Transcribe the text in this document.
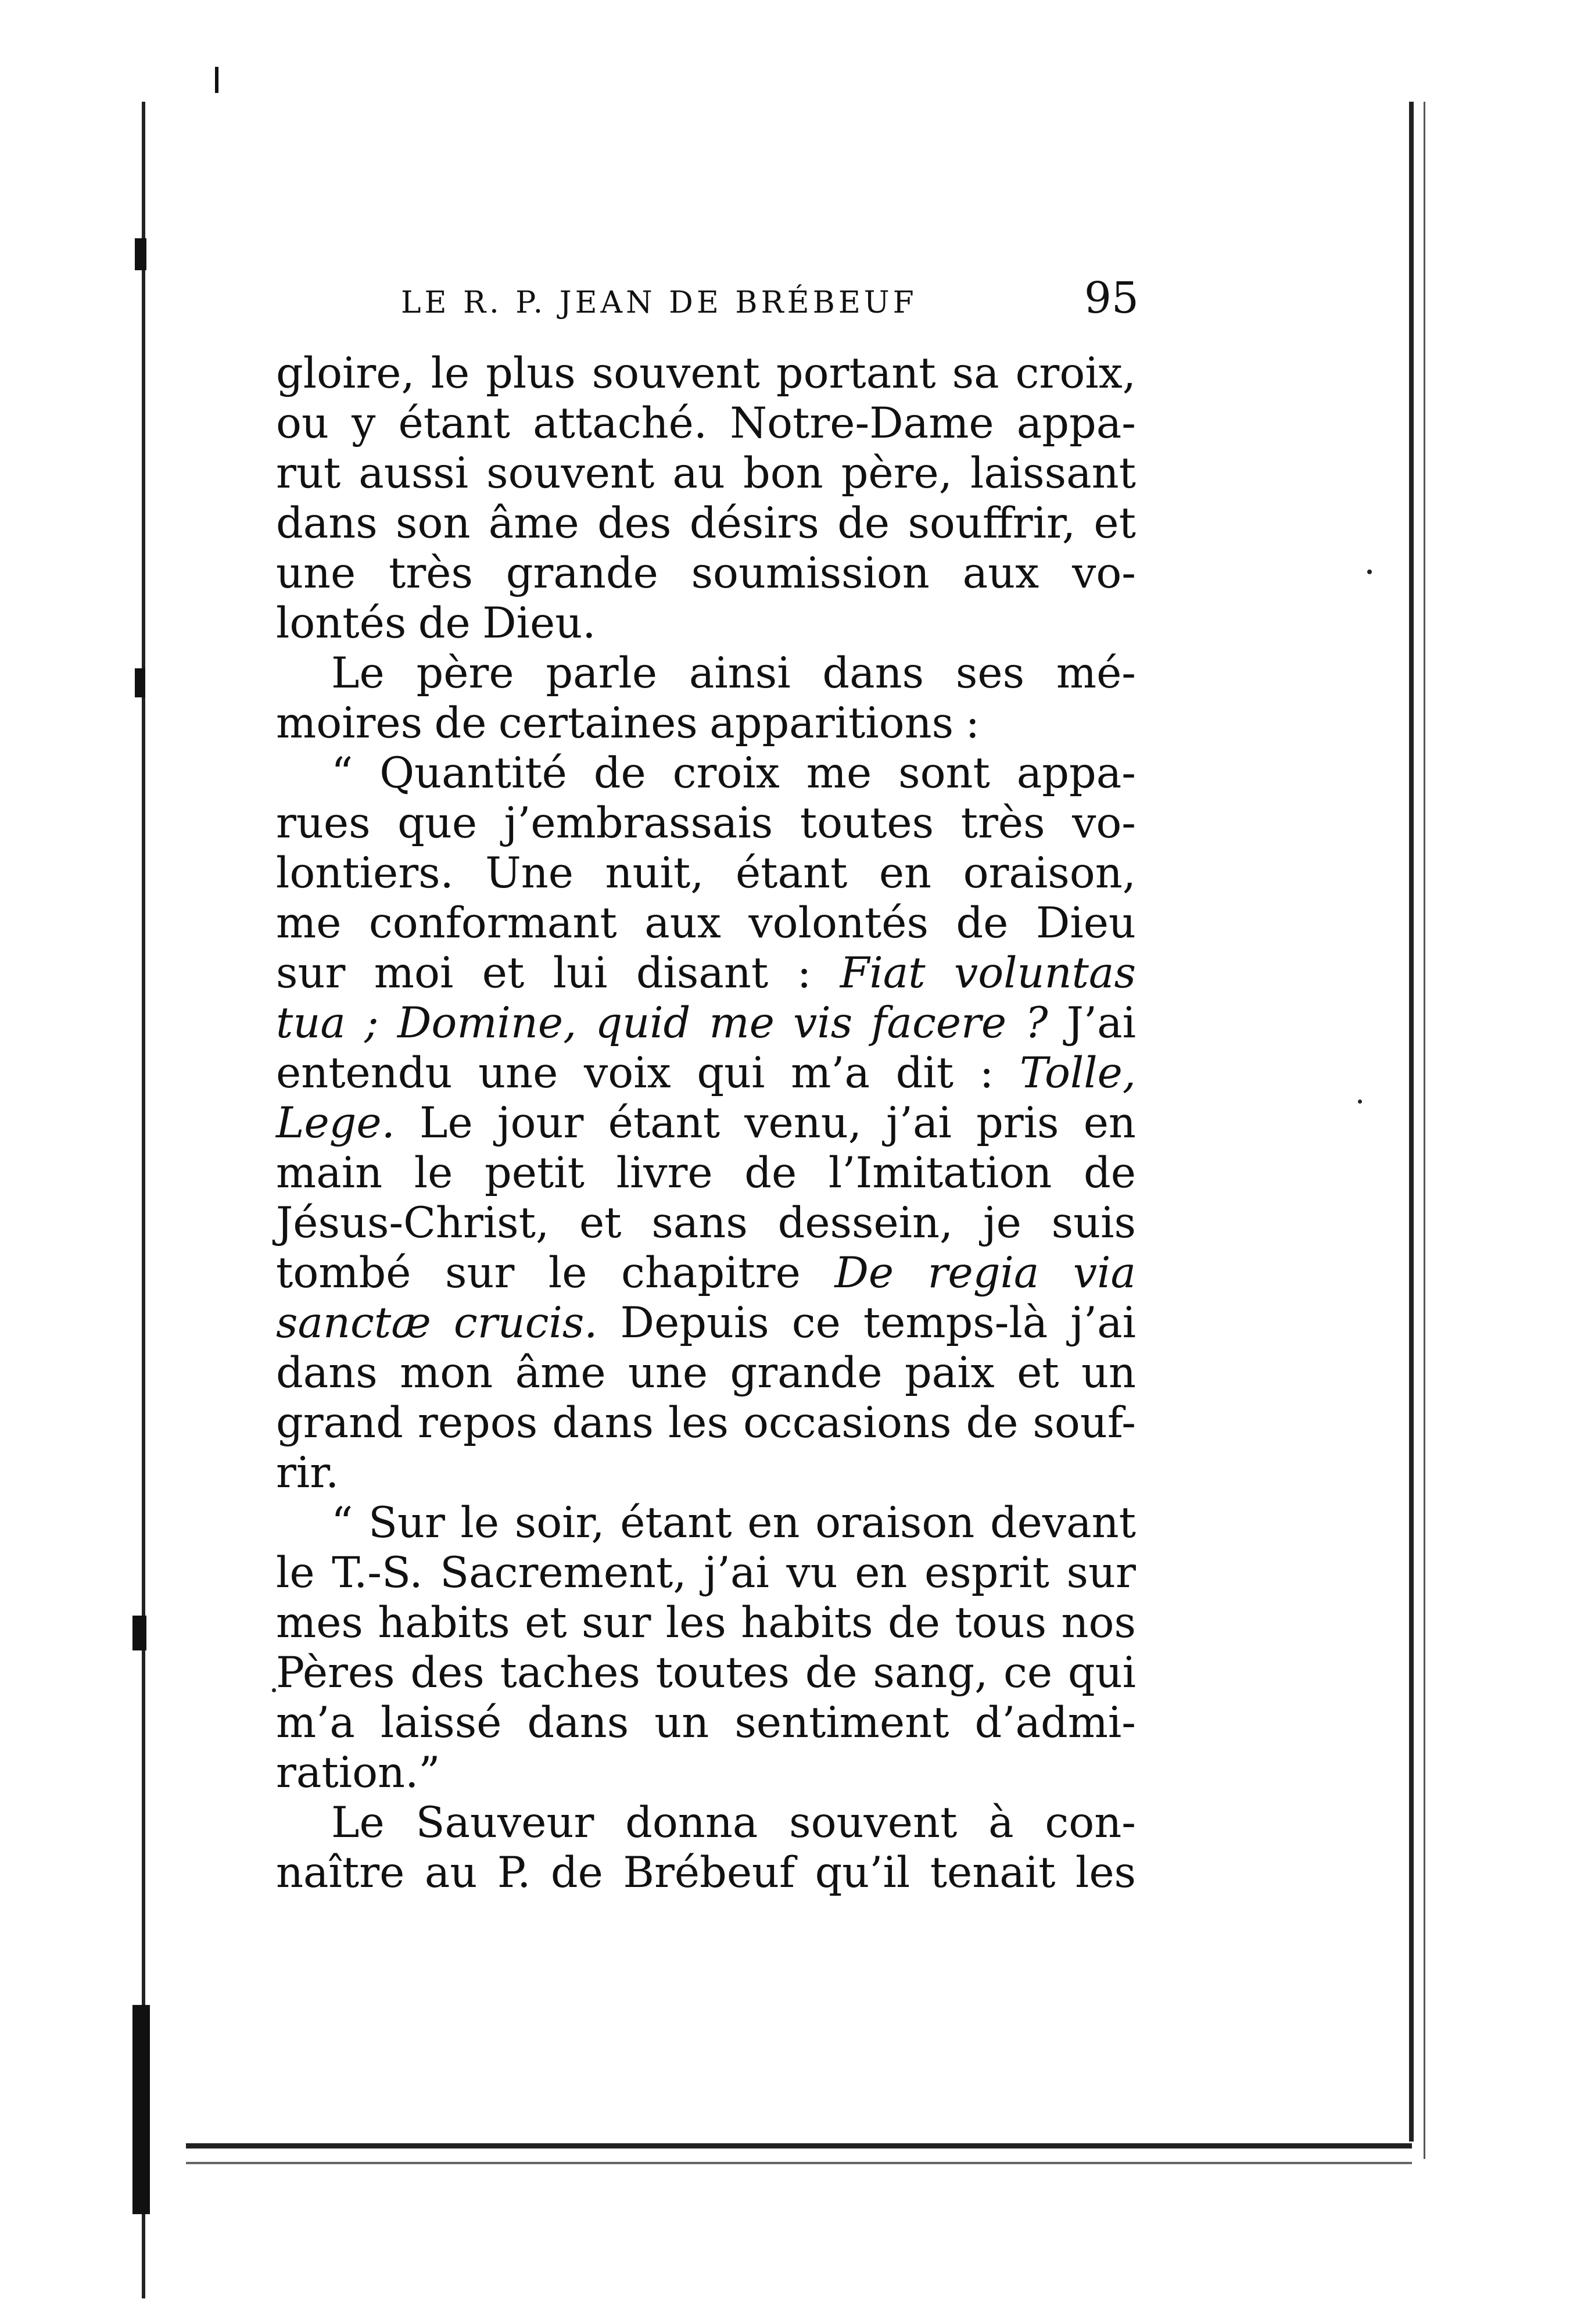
LE R. P. JEAN DE BRÉBEUF	95
gloire, le plus souvent portant sa croix,
ou y étant attaché. Notre-Dame appa-
rut aussi souvent au bon père, laissant
dans son âme des désirs de souffrir, et
une très grande soumission aux vo-
lontés de Dieu.
Le père parle ainsi dans ses mé-
moires de certaines apparitions :
“ Quantité de croix me sont appa-
rues que j’embrassais toutes très vo-
lontiers. Une nuit, étant en oraison,
me conformant aux volontés de Dieu
sur moi et lui disant : Fiat voluntas
tua ; Domine, quid me vis facere ? J’ai
entendu une voix qui m’a dit : Tolle,
Lege. Le jour étant venu, j’ai pris en
main le petit livre de l’Imitation de
Jésus-Christ, et sans dessein, je suis
tombé sur le chapitre De regia via
sanctæ crucis. Depuis ce temps-là j’ai
dans mon âme une grande paix et un
grand repos dans les occasions de souf-
rir.
“ Sur le soir, étant en oraison devant
le T.-S. Sacrement, j’ai vu en esprit sur
mes habits et sur les habits de tous nos
Pères des taches toutes de sang, ce qui
m’a laissé dans un sentiment d’admi-
ration.”
Le Sauveur donna souvent à con-
naître au P. de Brébeuf qu’il tenait les
